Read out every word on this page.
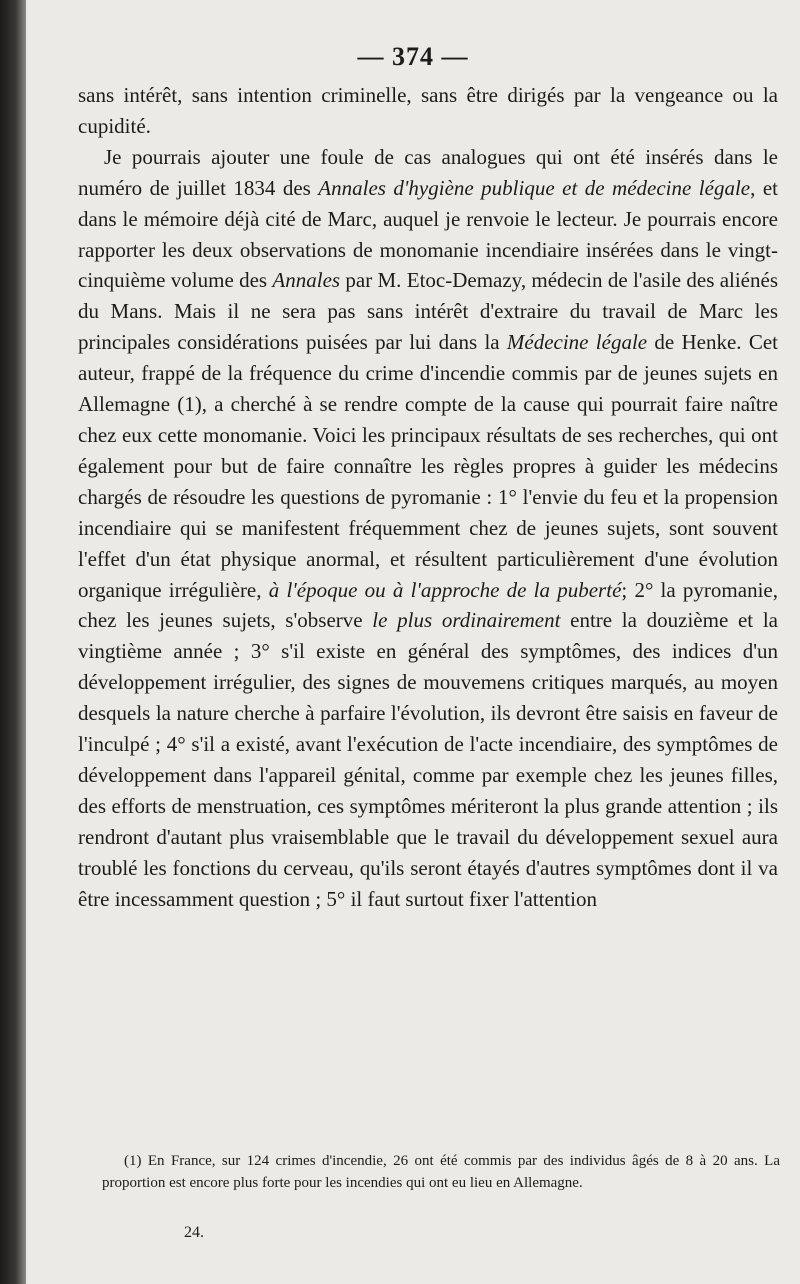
— 374 —

sans intérêt, sans intention criminelle, sans être dirigés par la vengeance ou la cupidité.

Je pourrais ajouter une foule de cas analogues qui ont été insérés dans le numéro de juillet 1834 des Annales d'hygiène publique et de médecine légale, et dans le mémoire déjà cité de Marc, auquel je renvoie le lecteur. Je pourrais encore rapporter les deux observations de monomanie incendiaire insérées dans le vingt-cinquième volume des Annales par M. Etoc-Demazy, médecin de l'asile des aliénés du Mans. Mais il ne sera pas sans intérêt d'extraire du travail de Marc les principales considérations puisées par lui dans la Médecine légale de Henke. Cet auteur, frappé de la fréquence du crime d'incendie commis par de jeunes sujets en Allemagne (1), a cherché à se rendre compte de la cause qui pourrait faire naître chez eux cette monomanie. Voici les principaux résultats de ses recherches, qui ont également pour but de faire connaître les règles propres à guider les médecins chargés de résoudre les questions de pyromanie : 1° l'envie du feu et la propension incendiaire qui se manifestent fréquemment chez de jeunes sujets, sont souvent l'effet d'un état physique anormal, et résultent particulièrement d'une évolution organique irrégulière, à l'époque ou à l'approche de la puberté; 2° la pyromanie, chez les jeunes sujets, s'observe le plus ordinairement entre la douzième et la vingtième année ; 3° s'il existe en général des symptômes, des indices d'un développement irrégulier, des signes de mouvemens critiques marqués, au moyen desquels la nature cherche à parfaire l'évolution, ils devront être saisis en faveur de l'inculpé ; 4° s'il a existé, avant l'exécution de l'acte incendiaire, des symptômes de développement dans l'appareil génital, comme par exemple chez les jeunes filles, des efforts de menstruation, ces symptômes mériteront la plus grande attention ; ils rendront d'autant plus vraisemblable que le travail du développement sexuel aura troublé les fonctions du cerveau, qu'ils seront étayés d'autres symptômes dont il va être incessamment question ; 5° il faut surtout fixer l'attention

(1) En France, sur 124 crimes d'incendie, 26 ont été commis par des individus âgés de 8 à 20 ans. La proportion est encore plus forte pour les incendies qui ont eu lieu en Allemagne.

24.
